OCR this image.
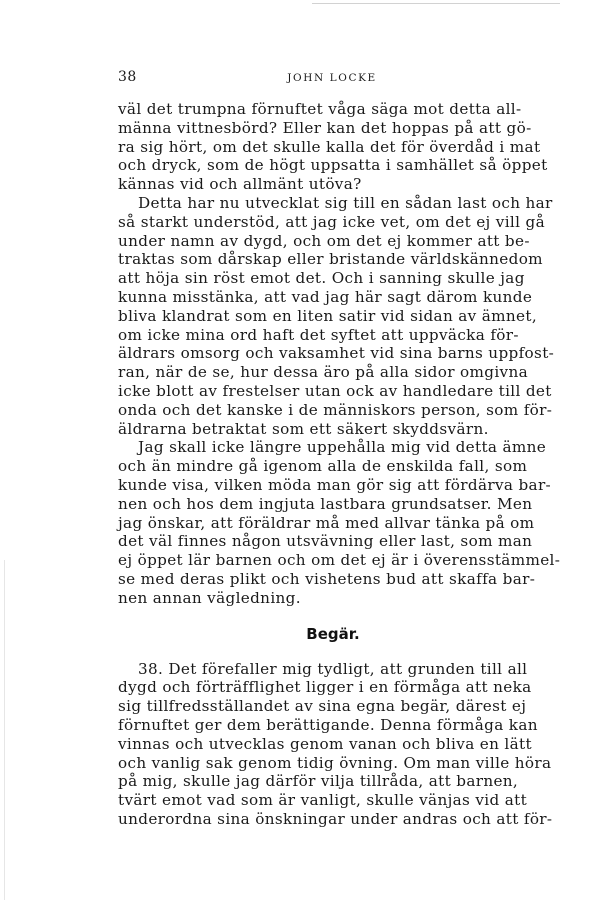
38	JOHN LOCKE
väl det trumpna förnuftet våga säga mot detta all-
männa vittnesbörd? Eller kan det hoppas på att gö-
ra sig hört, om det skulle kalla det för överdåd i mat
och dryck, som de högt uppsatta i samhället så öppet
kännas vid och allmänt utöva?
Detta har nu utvecklat sig till en sådan last och har
så starkt understöd, att jag icke vet, om det ej vill gå
under namn av dygd, och om det ej kommer att be-
traktas som dårskap eller bristande världskännedom
att höja sin röst emot det. Och i sanning skulle jag
kunna misstänka, att vad jag här sagt därom kunde
bliva klandrat som en liten satir vid sidan av ämnet,
om icke mina ord haft det syftet att uppväcka för-
äldrars omsorg och vaksamhet vid sina barns uppfost-
ran, när de se, hur dessa äro på alla sidor omgivna
icke blott av frestelser utan ock av handledare till det
onda och det kanske i de människors person, som för-
äldrarna betraktat som ett säkert skyddsvärn.
Jag skall icke längre uppehålla mig vid detta ämne
och än mindre gå igenom alla de enskilda fall, som
kunde visa, vilken möda man gör sig att fördärva bar-
nen och hos dem ingjuta lastbara grundsatser. Men
jag önskar, att föräldrar må med allvar tänka på om
det väl finnes någon utsvävning eller last, som man
ej öppet lär barnen och om det ej är i överensstämmel-
se med deras plikt och vishetens bud att skaffa bar-
nen annan vägledning.
Begär.
38. Det förefaller mig tydligt, att grunden till all
dygd och förträfflighet ligger i en förmåga att neka
sig tillfredsställandet av sina egna begär, därest ej
förnuftet ger dem berättigande. Denna förmåga kan
vinnas och utvecklas genom vanan och bliva en lätt
och vanlig sak genom tidig övning. Om man ville höra
på mig, skulle jag därför vilja tillråda, att barnen,
tvärt emot vad som är vanligt, skulle vänjas vid att
underordna sina önskningar under andras och att för-
